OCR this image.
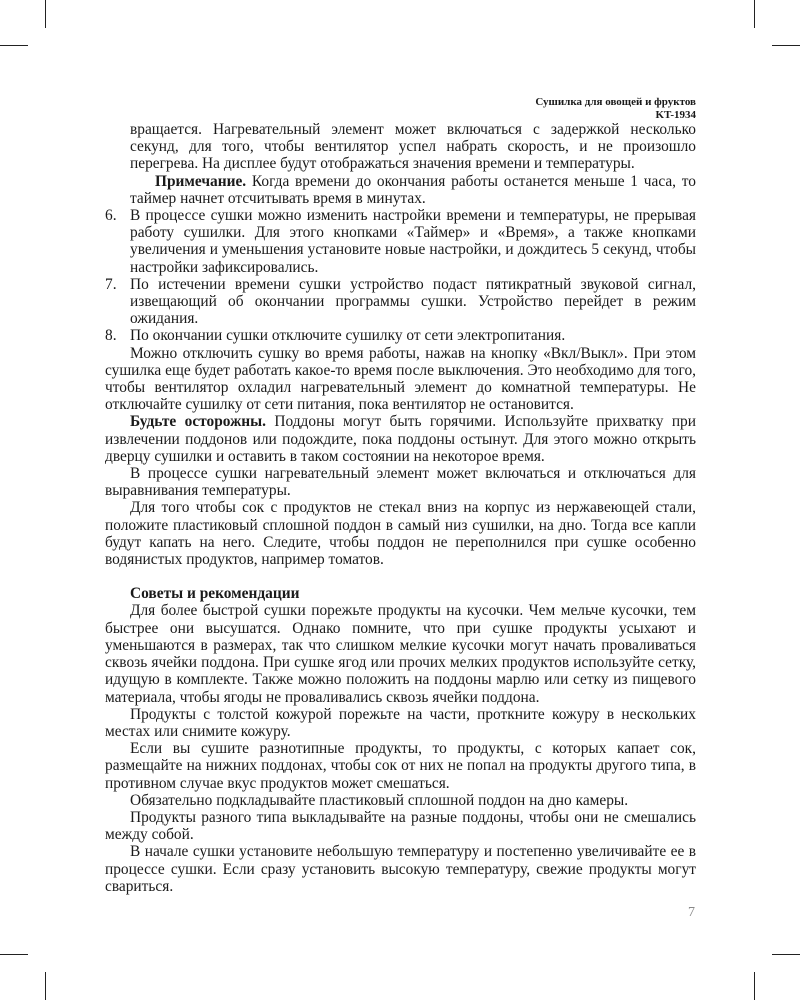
Сушилка для овощей и фруктов
KT-1934

вращается. Нагревательный элемент может включаться с задержкой несколько секунд, для того, чтобы вентилятор успел набрать скорость, и не произошло перегрева. На дисплее будут отображаться значения времени и температуры.

Примечание. Когда времени до окончания работы останется меньше 1 часа, то таймер начнет отсчитывать время в минутах.

6. В процессе сушки можно изменить настройки времени и температуры, не прерывая работу сушилки. Для этого кнопками «Таймер» и «Время», а также кнопками увеличения и уменьшения установите новые настройки, и дождитесь 5 секунд, чтобы настройки зафиксировались.

7. По истечении времени сушки устройство подаст пятикратный звуковой сигнал, извещающий об окончании программы сушки. Устройство перейдет в режим ожидания.

8. По окончании сушки отключите сушилку от сети электропитания.

Можно отключить сушку во время работы, нажав на кнопку «Вкл/Выкл». При этом сушилка еще будет работать какое-то время после выключения. Это необходимо для того, чтобы вентилятор охладил нагревательный элемент до комнатной температуры. Не отключайте сушилку от сети питания, пока вентилятор не остановится.

Будьте осторожны. Поддоны могут быть горячими. Используйте прихватку при извлечении поддонов или подождите, пока поддоны остынут. Для этого можно открыть дверцу сушилки и оставить в таком состоянии на некоторое время.

В процессе сушки нагревательный элемент может включаться и отключаться для выравнивания температуры.

Для того чтобы сок с продуктов не стекал вниз на корпус из нержавеющей стали, положите пластиковый сплошной поддон в самый низ сушилки, на дно. Тогда все капли будут капать на него. Следите, чтобы поддон не переполнился при сушке особенно водянистых продуктов, например томатов.

Советы и рекомендации

Для более быстрой сушки порежьте продукты на кусочки. Чем мельче кусочки, тем быстрее они высушатся. Однако помните, что при сушке продукты усыхают и уменьшаются в размерах, так что слишком мелкие кусочки могут начать проваливаться сквозь ячейки поддона. При сушке ягод или прочих мелких продуктов используйте сетку, идущую в комплекте. Также можно положить на поддоны марлю или сетку из пищевого материала, чтобы ягоды не проваливались сквозь ячейки поддона.

Продукты с толстой кожурой порежьте на части, проткните кожуру в нескольких местах или снимите кожуру.

Если вы сушите разнотипные продукты, то продукты, с которых капает сок, размещайте на нижних поддонах, чтобы сок от них не попал на продукты другого типа, в противном случае вкус продуктов может смешаться.

Обязательно подкладывайте пластиковый сплошной поддон на дно камеры.

Продукты разного типа выкладывайте на разные поддоны, чтобы они не смешались между собой.

В начале сушки установите небольшую температуру и постепенно увеличивайте ее в процессе сушки. Если сразу установить высокую температуру, свежие продукты могут свариться.

7
